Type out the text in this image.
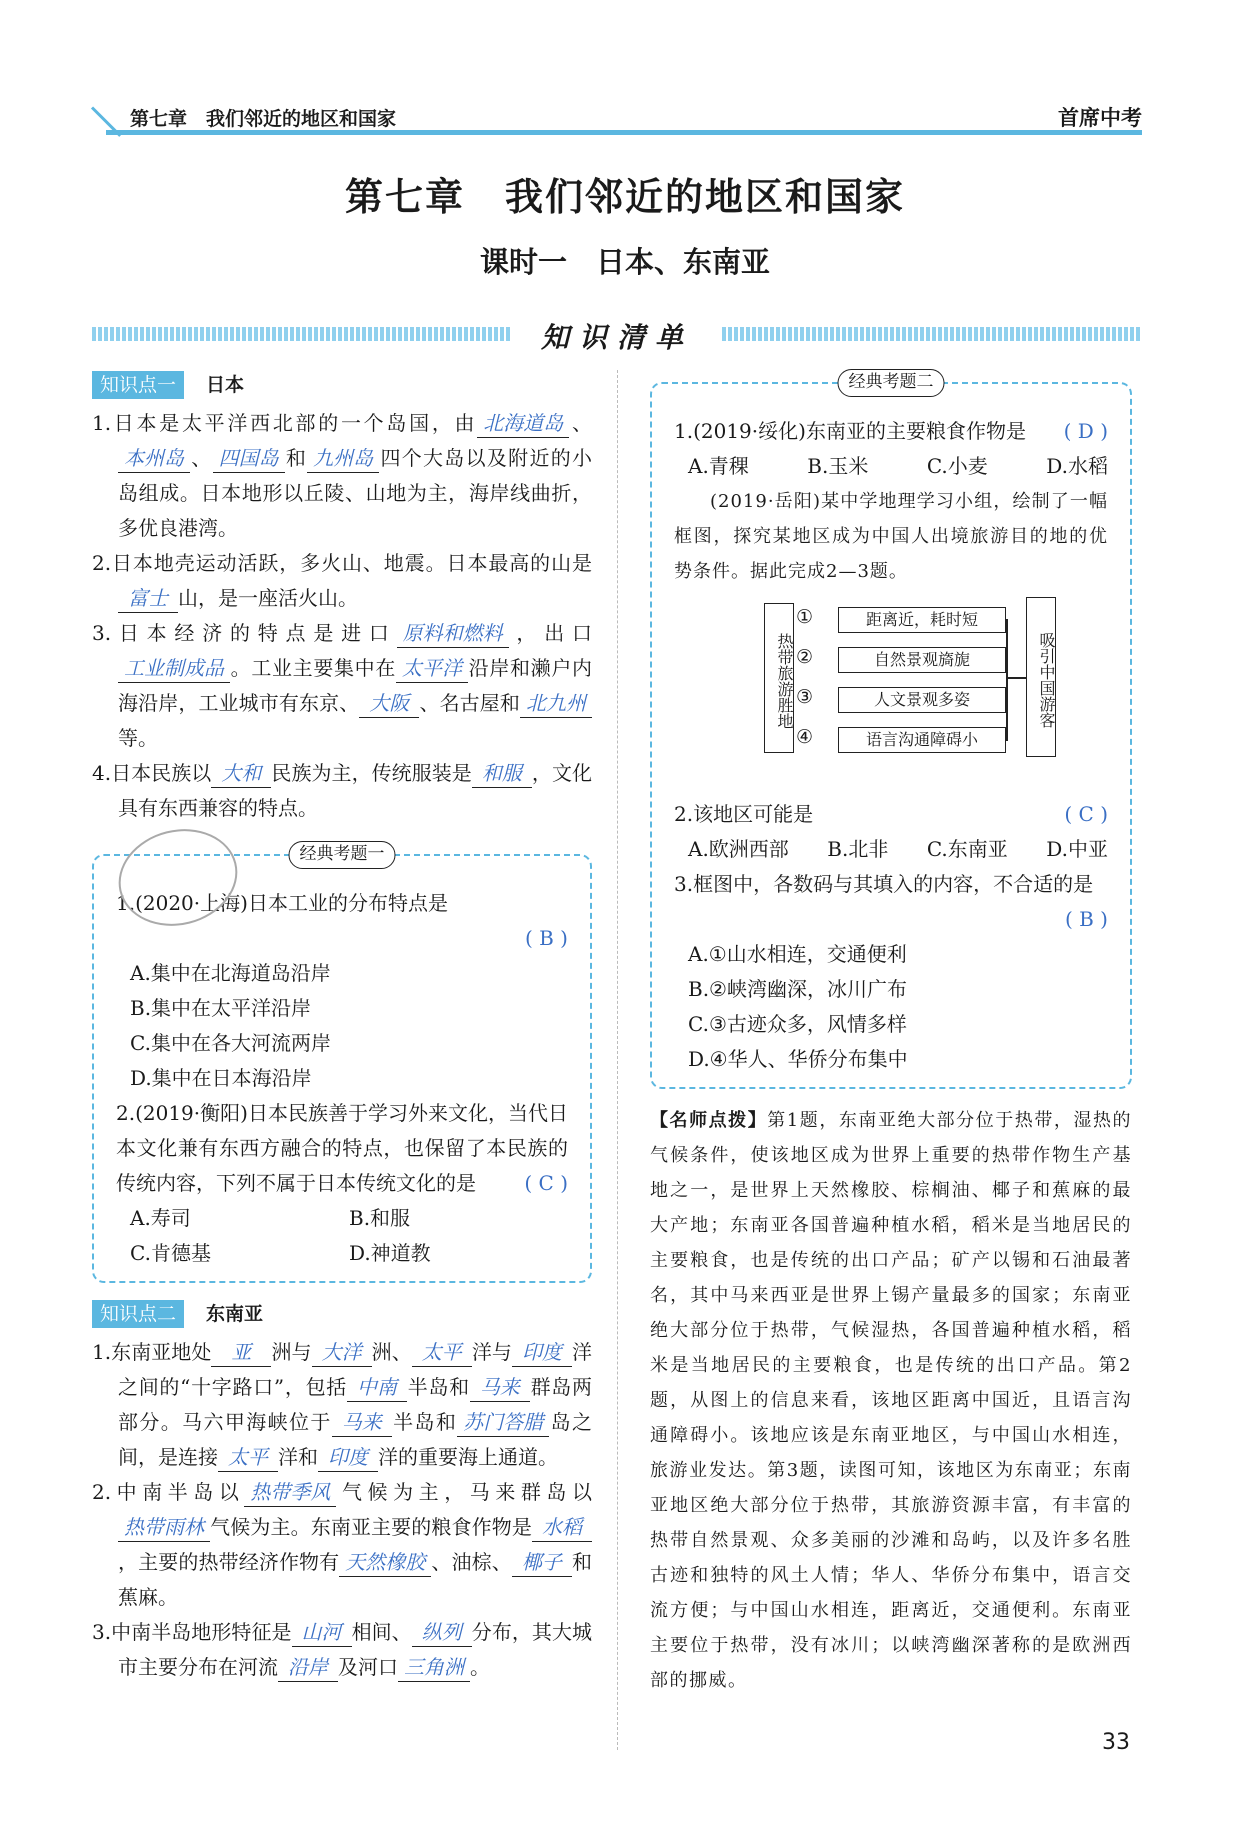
第七章　我们邻近的地区和国家	首席中考
第七章　我们邻近的地区和国家
课时一　日本、东南亚
知识清单
知识点一	日本
1.日本是太平洋西北部的一个岛国，由 北海道岛 、本州岛 、 四国岛 和 九州岛 四个大岛以及附近的小岛组成。日本地形以丘陵、山地为主，海岸线曲折，多优良港湾。
2.日本地壳运动活跃，多火山、地震。日本最高的山是富士 山，是一座活火山。
3.日本经济的特点是进口 原料和燃料 ，出口工业制成品 。工业主要集中在 太平洋 沿岸和濑户内海沿岸，工业城市有东京、 大阪 、名古屋和 北九州等。
4.日本民族以 大和 民族为主，传统服装是 和服 ，文化具有东西兼容的特点。
经典考题一
1.(2020·上海)日本工业的分布特点是
( B )
A.集中在北海道岛沿岸
B.集中在太平洋沿岸
C.集中在各大河流两岸
D.集中在日本海沿岸
2.(2019·衡阳)日本民族善于学习外来文化，当代日本文化兼有东西方融合的特点，也保留了本民族的传统内容，下列不属于日本传统文化的是 ( C )
A.寿司	B.和服
C.肯德基	D.神道教
知识点二	东南亚
1.东南亚地处 亚 洲与 大洋 洲、 太平 洋与 印度 洋之间的“十字路口”，包括 中南 半岛和 马来 群岛两部分。马六甲海峡位于 马来 半岛和 苏门答腊 岛之间，是连接 太平 洋和 印度 洋的重要海上通道。
2.中南半岛以 热带季风 气候为主，马来群岛以热带雨林 气候为主。东南亚主要的粮食作物是 水稻，主要的热带经济作物有 天然橡胶 、油棕、 椰子 和蕉麻。
3.中南半岛地形特征是 山河 相间、 纵列 分布，其大城市主要分布在河流 沿岸 及河口 三角洲 。
经典考题二
1.(2019·绥化)东南亚的主要粮食作物是 ( D )
A.青稞	B.玉米	C.小麦	D.水稻
(2019·岳阳)某中学地理学习小组，绘制了一幅框图，探究某地区成为中国人出境旅游目的地的优势条件。据此完成2—3题。
热带旅游胜地	吸引中国游客
①	距离近，耗时短
②	自然景观旖旎
③	人文景观多姿
④	语言沟通障碍小
2.该地区可能是	( C )
A.欧洲西部 B.北非 C.东南亚 D.中亚
3.框图中，各数码与其填入的内容，不合适的是
( B )
A.①山水相连，交通便利
B.②峡湾幽深，冰川广布
C.③古迹众多，风情多样
D.④华人、华侨分布集中
【名师点拨】第1题，东南亚绝大部分位于热带，湿热的气候条件，使该地区成为世界上重要的热带作物生产基地之一，是世界上天然橡胶、棕榈油、椰子和蕉麻的最大产地；东南亚各国普遍种植水稻，稻米是当地居民的主要粮食，也是传统的出口产品；矿产以锡和石油最著名，其中马来西亚是世界上锡产量最多的国家；东南亚绝大部分位于热带，气候湿热，各国普遍种植水稻，稻米是当地居民的主要粮食，也是传统的出口产品。第2题，从图上的信息来看，该地区距离中国近，且语言沟通障碍小。该地应该是东南亚地区，与中国山水相连，旅游业发达。第3题，读图可知，该地区为东南亚；东南亚地区绝大部分位于热带，其旅游资源丰富，有丰富的热带自然景观、众多美丽的沙滩和岛屿，以及许多名胜古迹和独特的风土人情；华人、华侨分布集中，语言交流方便；与中国山水相连，距离近，交通便利。东南亚主要位于热带，没有冰川；以峡湾幽深著称的是欧洲西部的挪威。
33
